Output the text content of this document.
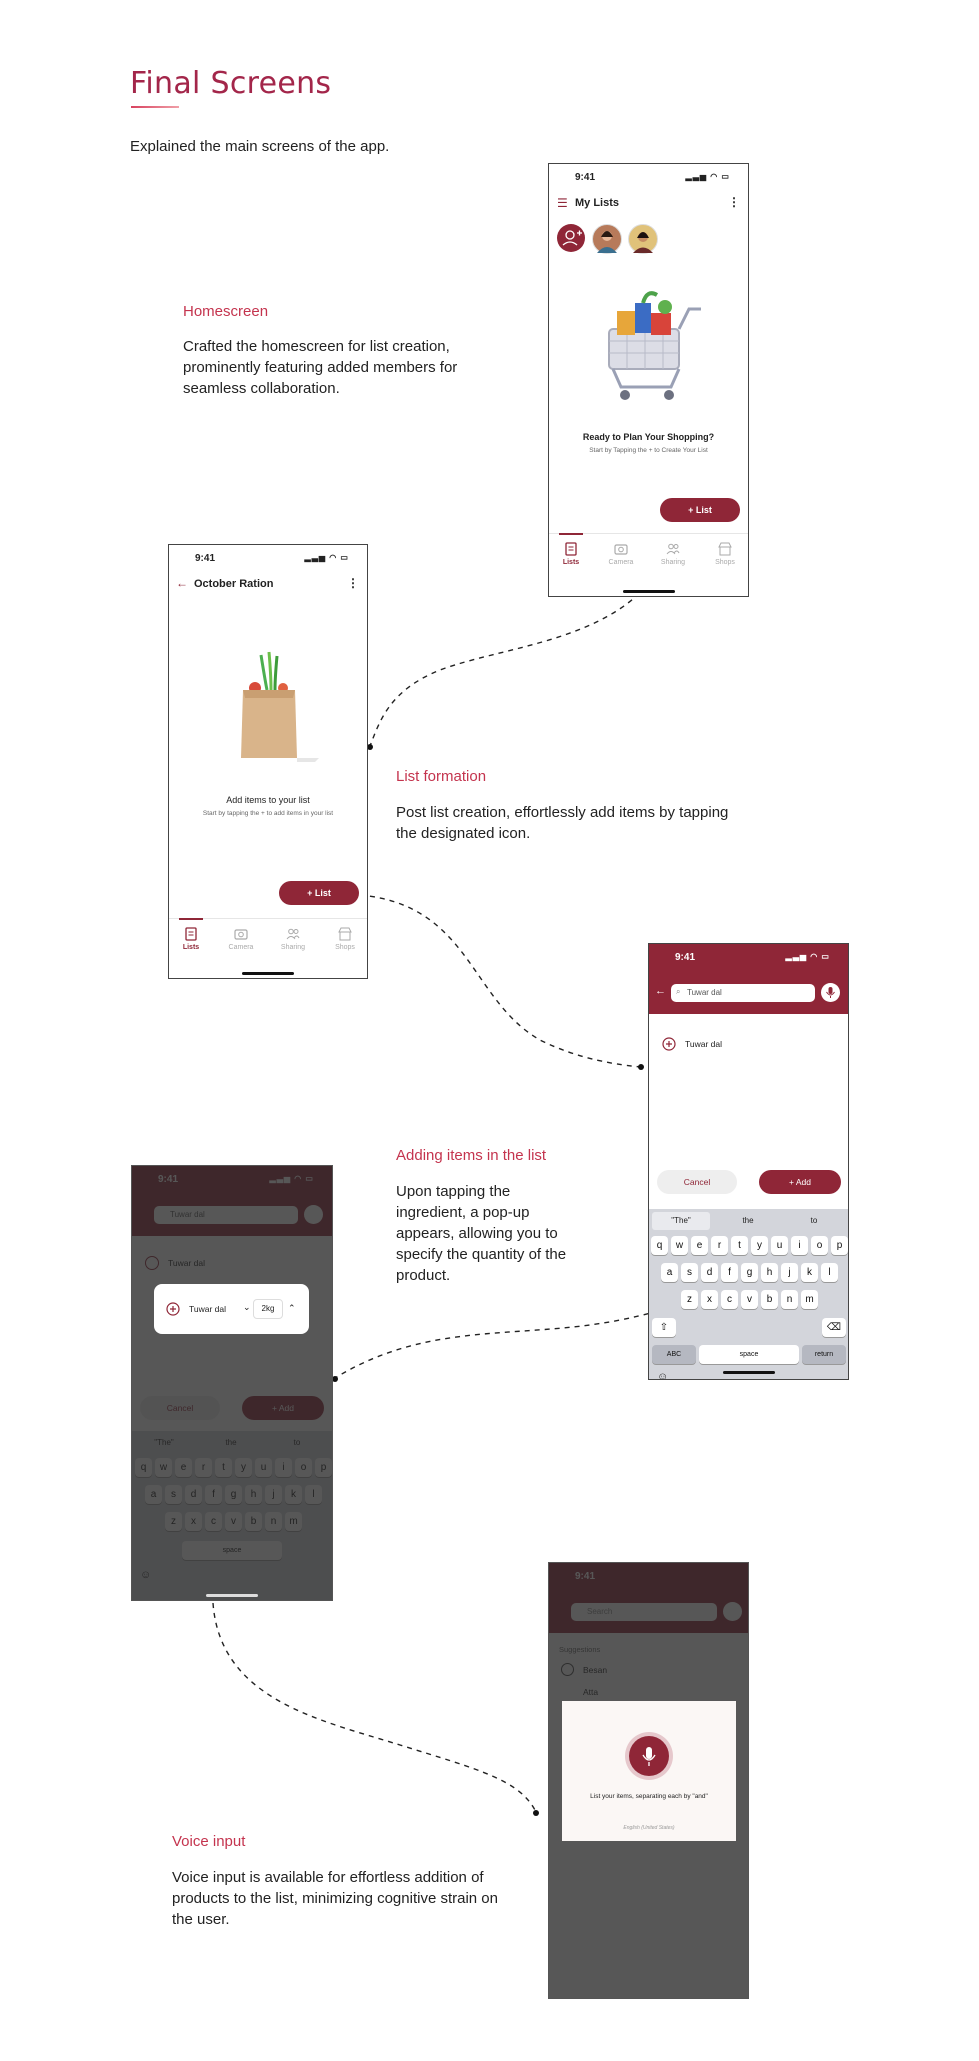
Final Screens
Explained the main screens of the app.
Homescreen
Crafted the homescreen for list creation, prominently featuring added members for seamless collaboration.
List formation
Post list creation, effortlessly add items by tapping the designated icon.
Adding items in the list
Upon tapping the ingredient, a pop-up appears, allowing you to specify the quantity of the product.
Voice input
Voice input is available for effortless addition of products to the list, minimizing cognitive strain on the user.
9:41	▂▃▅ ◠ ▭
☰ My Lists	⋮
Ready to Plan Your Shopping?
Start by Tapping the + to Create Your List
+ List
Lists	Camera	Sharing	Shops
9:41	▂▃▅ ◠ ▭
← October Ration	⋮
Add items to your list
Start by tapping the + to add items in your list
+ List
Lists	Camera	Sharing	Shops
9:41	▂▃▅ ◠ ▭
← ⌕ Tuwar dal
Tuwar dal
Cancel	+ Add
"The"	the	to
q	w	e	r	t	y	u	i	o	p
a	s	d	f	g	h	j	k	l
z	x	c	v	b	n	m
⇧	⌫
ABC	space	return
☺
Tuwar dal ⌄	2kg	⌃
List your items, separating each by "and"
English (United States)
